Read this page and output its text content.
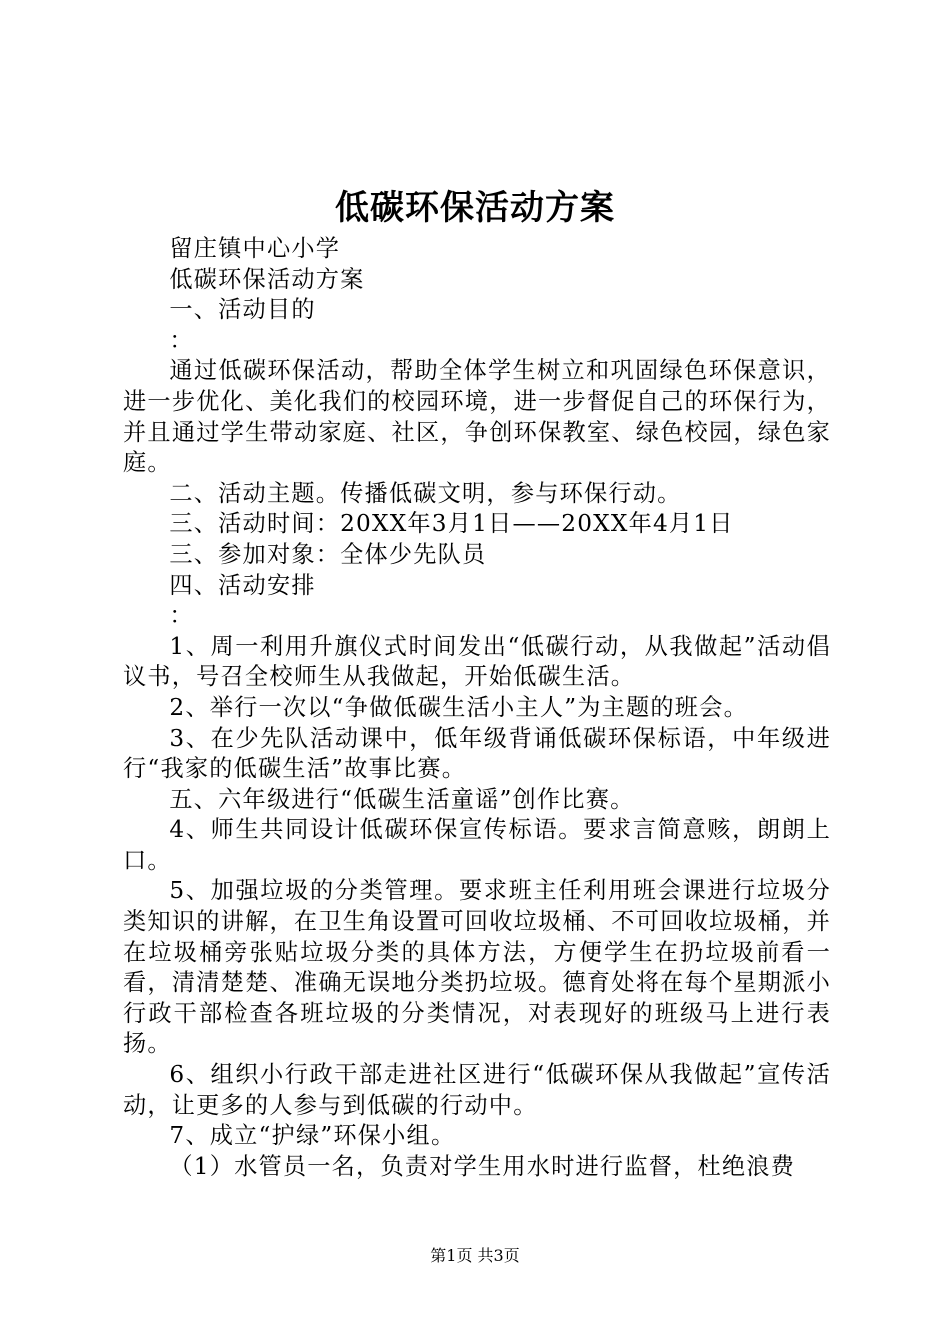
低碳环保活动方案

留庄镇中心小学

低碳环保活动方案

一、活动目的

：

通过低碳环保活动，帮助全体学生树立和巩固绿色环保意识，进一步优化、美化我们的校园环境，进一步督促自己的环保行为，并且通过学生带动家庭、社区，争创环保教室、绿色校园，绿色家庭。

二、活动主题。传播低碳文明，参与环保行动。

三、活动时间：20XX年3月1日——20XX年4月1日

三、参加对象：全体少先队员

四、活动安排

：

1、周一利用升旗仪式时间发出“低碳行动，从我做起”活动倡议书，号召全校师生从我做起，开始低碳生活。

2、举行一次以“争做低碳生活小主人”为主题的班会。

3、在少先队活动课中，低年级背诵低碳环保标语，中年级进行“我家的低碳生活”故事比赛。

五、六年级进行“低碳生活童谣”创作比赛。

4、师生共同设计低碳环保宣传标语。要求言简意赅，朗朗上口。

5、加强垃圾的分类管理。要求班主任利用班会课进行垃圾分类知识的讲解，在卫生角设置可回收垃圾桶、不可回收垃圾桶，并在垃圾桶旁张贴垃圾分类的具体方法，方便学生在扔垃圾前看一看，清清楚楚、准确无误地分类扔垃圾。德育处将在每个星期派小行政干部检查各班垃圾的分类情况，对表现好的班级马上进行表扬。

6、组织小行政干部走进社区进行“低碳环保从我做起”宣传活动，让更多的人参与到低碳的行动中。

7、成立“护绿”环保小组。

（1）水管员一名，负责对学生用水时进行监督，杜绝浪费

第1页 共3页
